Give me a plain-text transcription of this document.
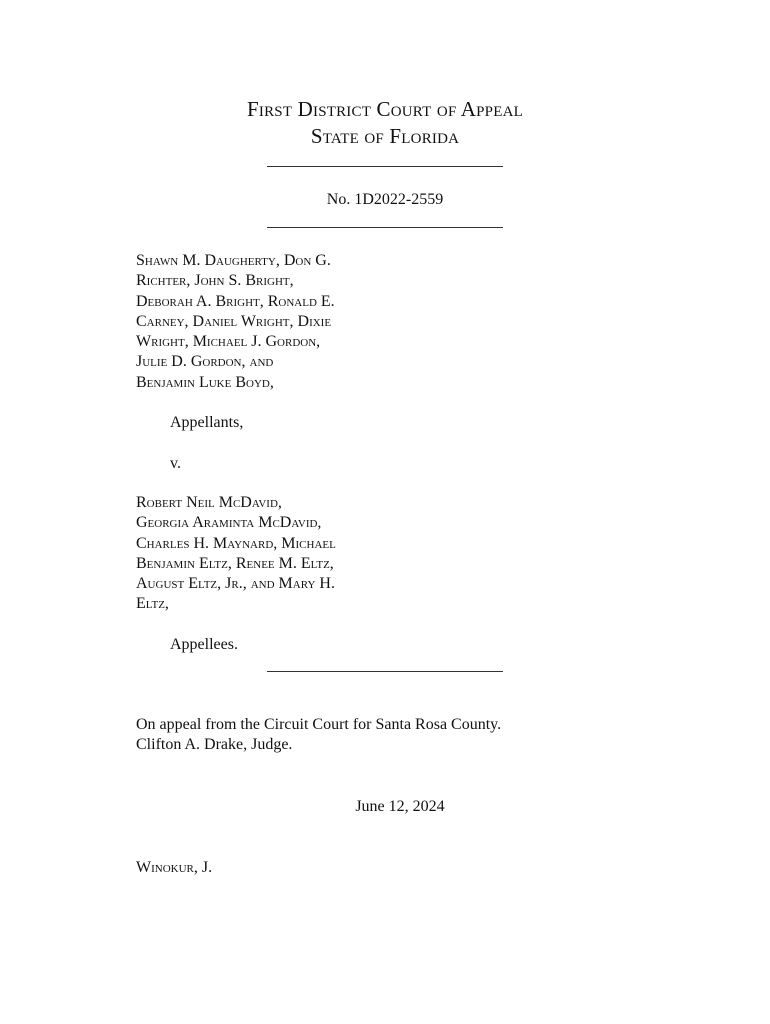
First District Court of Appeal
State of Florida
No. 1D2022-2559
Shawn M. Daugherty, Don G.
Richter, John S. Bright,
Deborah A. Bright, Ronald E.
Carney, Daniel Wright, Dixie
Wright, Michael J. Gordon,
Julie D. Gordon, and
Benjamin Luke Boyd,
Appellants,
v.
Robert Neil McDavid,
Georgia Araminta McDavid,
Charles H. Maynard, Michael
Benjamin Eltz, Renee M. Eltz,
August Eltz, Jr., and Mary H.
Eltz,
Appellees.
On appeal from the Circuit Court for Santa Rosa County.
Clifton A. Drake, Judge.
June 12, 2024
Winokur, J.
